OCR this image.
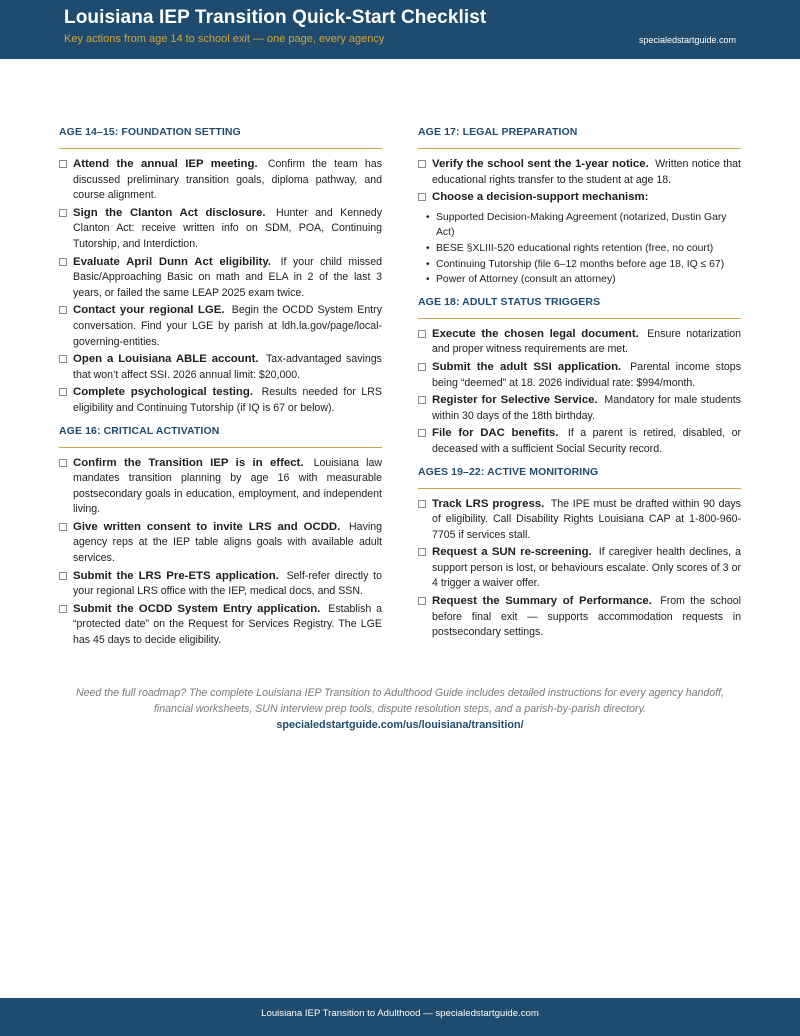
Louisiana IEP Transition Quick-Start Checklist
Key actions from age 14 to school exit — one page, every agency	specialedstartguide.com
AGE 14–15: FOUNDATION SETTING
Attend the annual IEP meeting. Confirm the team has discussed preliminary transition goals, diploma pathway, and course alignment.
Sign the Clanton Act disclosure. Hunter and Kennedy Clanton Act: receive written info on SDM, POA, Continuing Tutorship, and Interdiction.
Evaluate April Dunn Act eligibility. If your child missed Basic/Approaching Basic on math and ELA in 2 of the last 3 years, or failed the same LEAP 2025 exam twice.
Contact your regional LGE. Begin the OCDD System Entry conversation. Find your LGE by parish at ldh.la.gov/page/local-governing-entities.
Open a Louisiana ABLE account. Tax-advantaged savings that won’t affect SSI. 2026 annual limit: $20,000.
Complete psychological testing. Results needed for LRS eligibility and Continuing Tutorship (if IQ is 67 or below).
AGE 16: CRITICAL ACTIVATION
Confirm the Transition IEP is in effect. Louisiana law mandates transition planning by age 16 with measurable postsecondary goals in education, employment, and independent living.
Give written consent to invite LRS and OCDD. Having agency reps at the IEP table aligns goals with available adult services.
Submit the LRS Pre-ETS application. Self-refer directly to your regional LRS office with the IEP, medical docs, and SSN.
Submit the OCDD System Entry application. Establish a “protected date” on the Request for Services Registry. The LGE has 45 days to decide eligibility.
AGE 17: LEGAL PREPARATION
Verify the school sent the 1-year notice. Written notice that educational rights transfer to the student at age 18.
Choose a decision-support mechanism:
• Supported Decision-Making Agreement (notarized, Dustin Gary Act)
• BESE §XLIII-520 educational rights retention (free, no court)
• Continuing Tutorship (file 6–12 months before age 18, IQ ≤ 67)
• Power of Attorney (consult an attorney)
AGE 18: ADULT STATUS TRIGGERS
Execute the chosen legal document. Ensure notarization and proper witness requirements are met.
Submit the adult SSI application. Parental income stops being “deemed” at 18. 2026 individual rate: $994/month.
Register for Selective Service. Mandatory for male students within 30 days of the 18th birthday.
File for DAC benefits. If a parent is retired, disabled, or deceased with a sufficient Social Security record.
AGES 19–22: ACTIVE MONITORING
Track LRS progress. The IPE must be drafted within 90 days of eligibility. Call Disability Rights Louisiana CAP at 1-800-960-7705 if services stall.
Request a SUN re-screening. If caregiver health declines, a support person is lost, or behaviours escalate. Only scores of 3 or 4 trigger a waiver offer.
Request the Summary of Performance. From the school before final exit — supports accommodation requests in postsecondary settings.
Need the full roadmap? The complete Louisiana IEP Transition to Adulthood Guide includes detailed instructions for every agency handoff, financial worksheets, SUN interview prep tools, dispute resolution steps, and a parish-by-parish directory.
specialedstartguide.com/us/louisiana/transition/
Louisiana IEP Transition to Adulthood — specialedstartguide.com
